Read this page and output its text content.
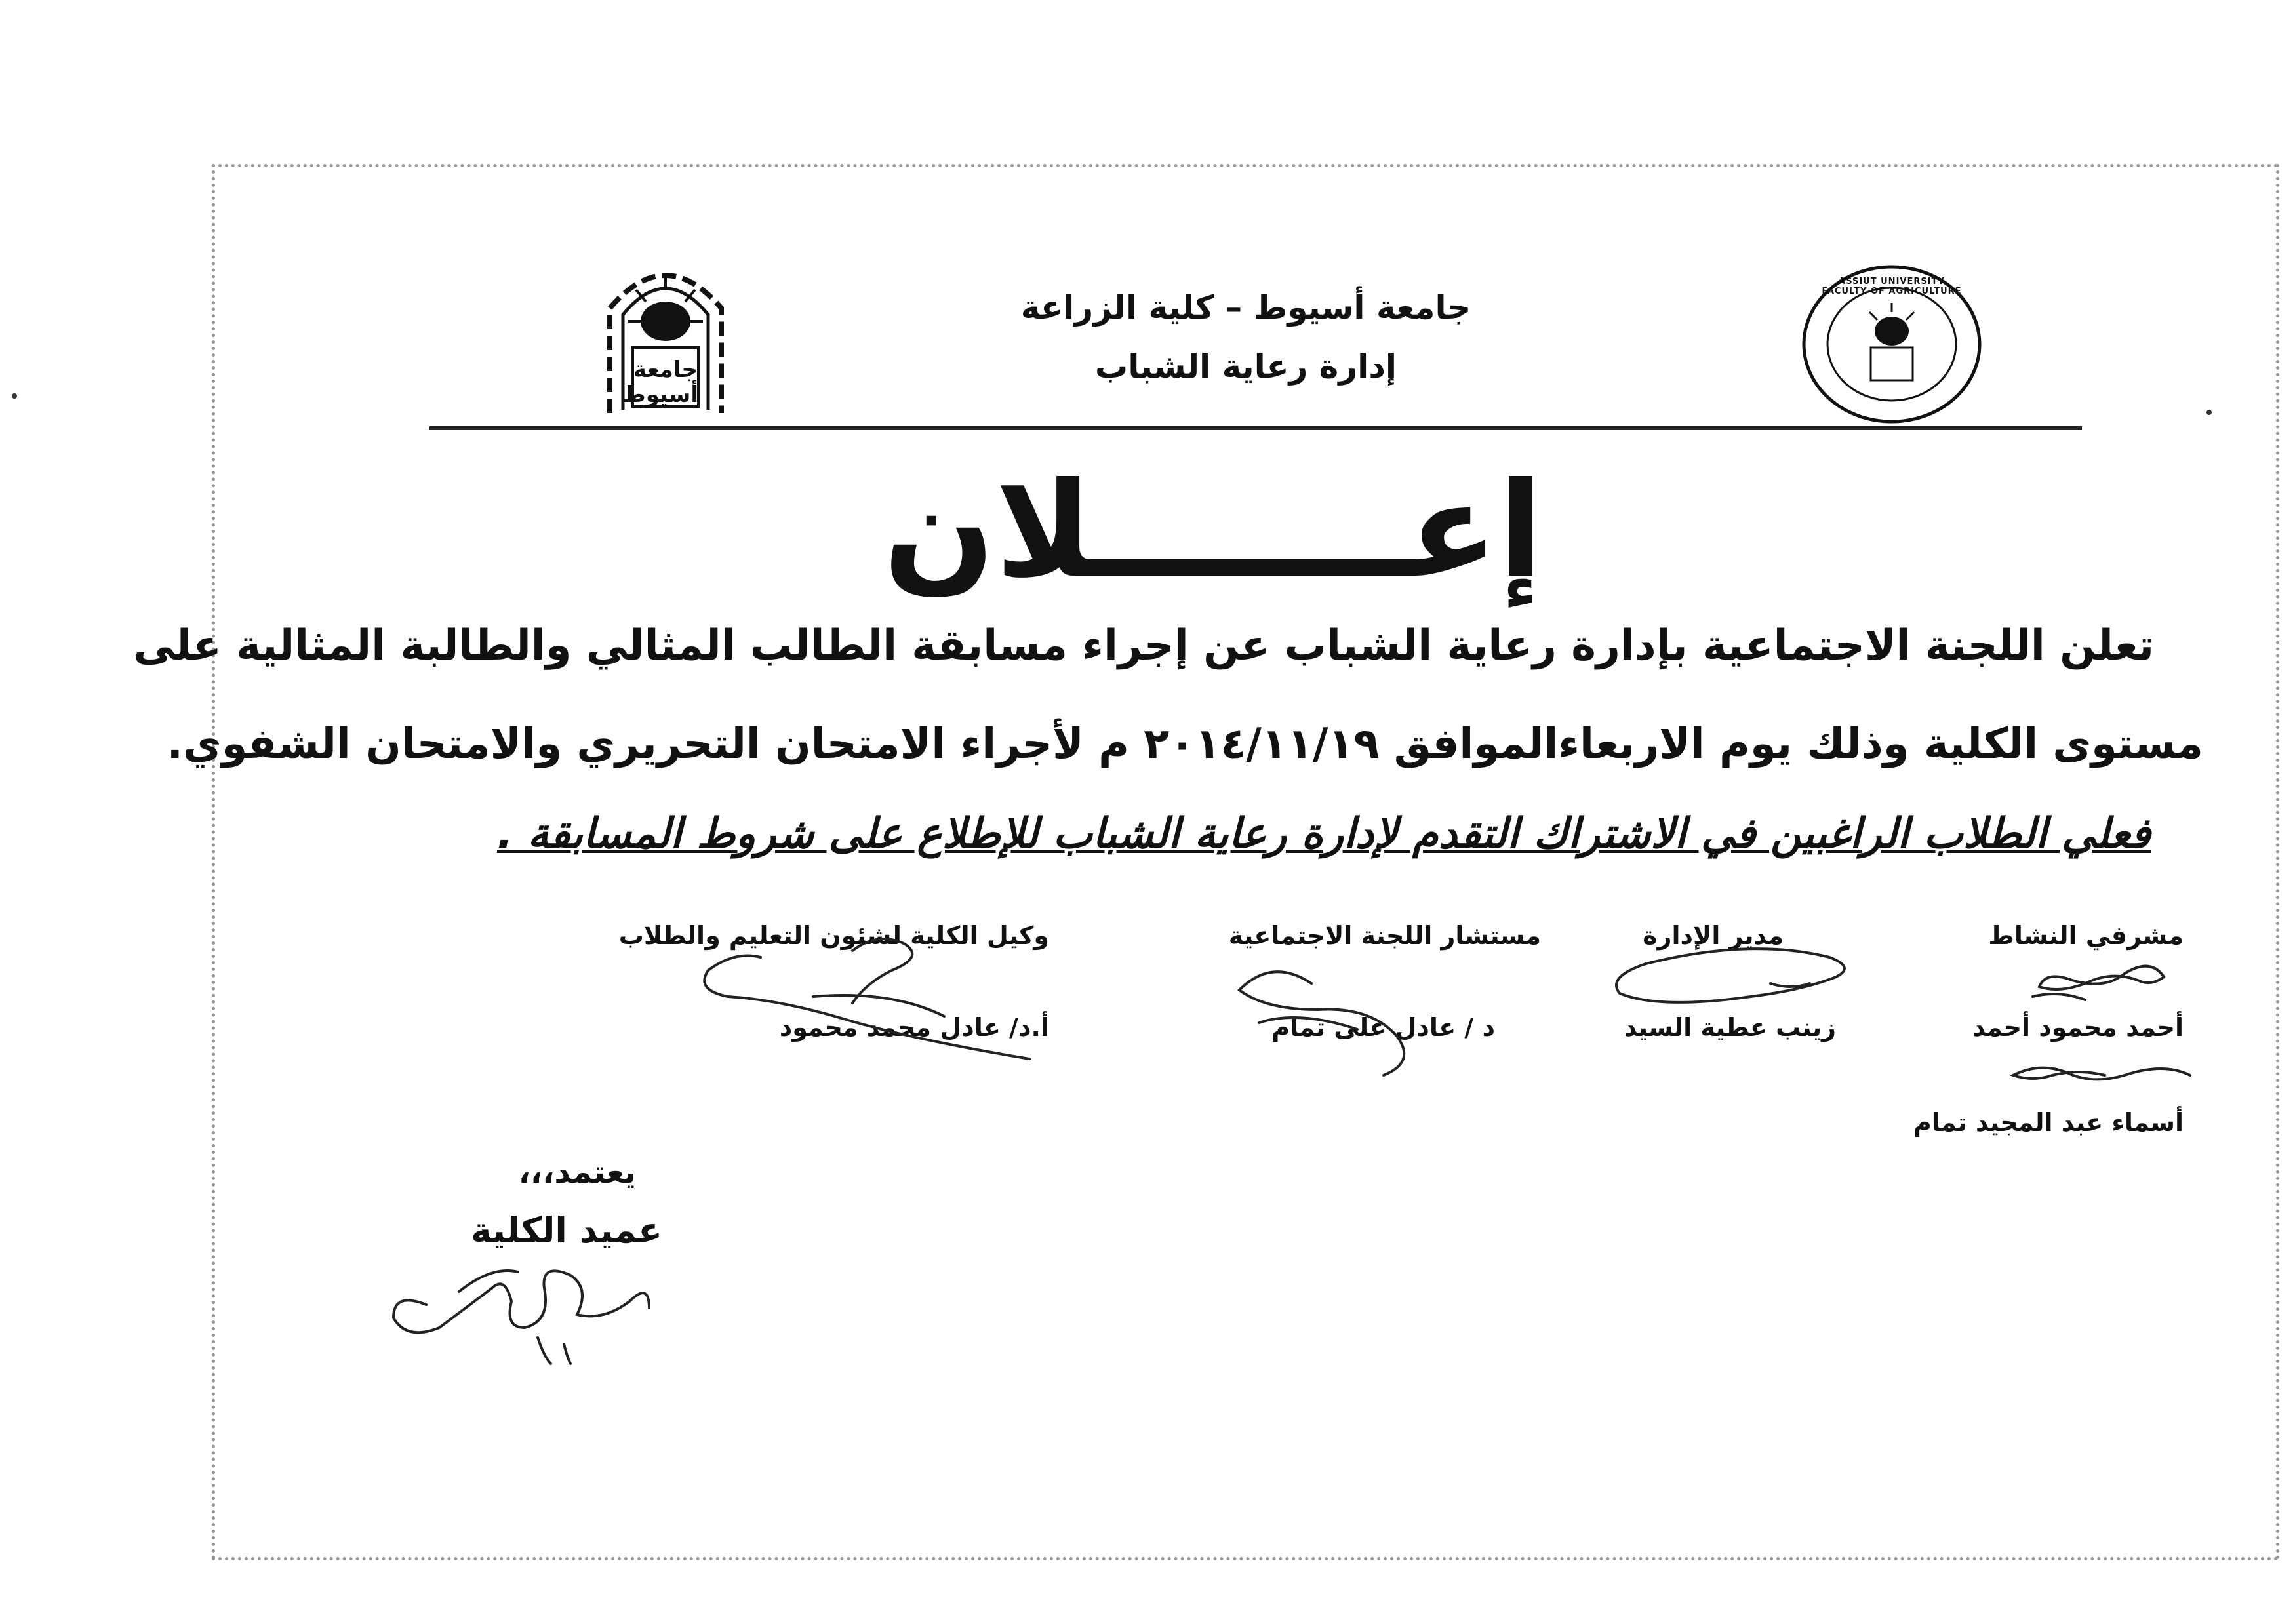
جامعة أسيوط
ASSIUT UNIVERSITY FACULTY OF AGRICULTURE
جامعة أسيوط – كلية الزراعة
إدارة رعاية الشباب
إعـــــــلان
تعلن اللجنة الاجتماعية بإدارة رعاية الشباب عن إجراء مسابقة الطالب المثالي والطالبة المثالية على
مستوى الكلية وذلك يوم الاربعاءالموافق ٢٠١٤/١١/١٩ م لأجراء الامتحان التحريري والامتحان الشفوي.
فعلي الطلاب الراغبين في الاشتراك التقدم لإدارة رعاية الشباب للإطلاع على شروط المسابقة .
مشرفي النشاط
أحمد محمود أحمد
أسماء عبد المجيد تمام
مدير الإدارة
زينب عطية السيد
مستشار اللجنة الاجتماعية
د / عادل على تمام
وكيل الكلية لشئون التعليم والطلاب
أ.د/ عادل محمد محمود
يعتمد،،،
عميد الكلية
